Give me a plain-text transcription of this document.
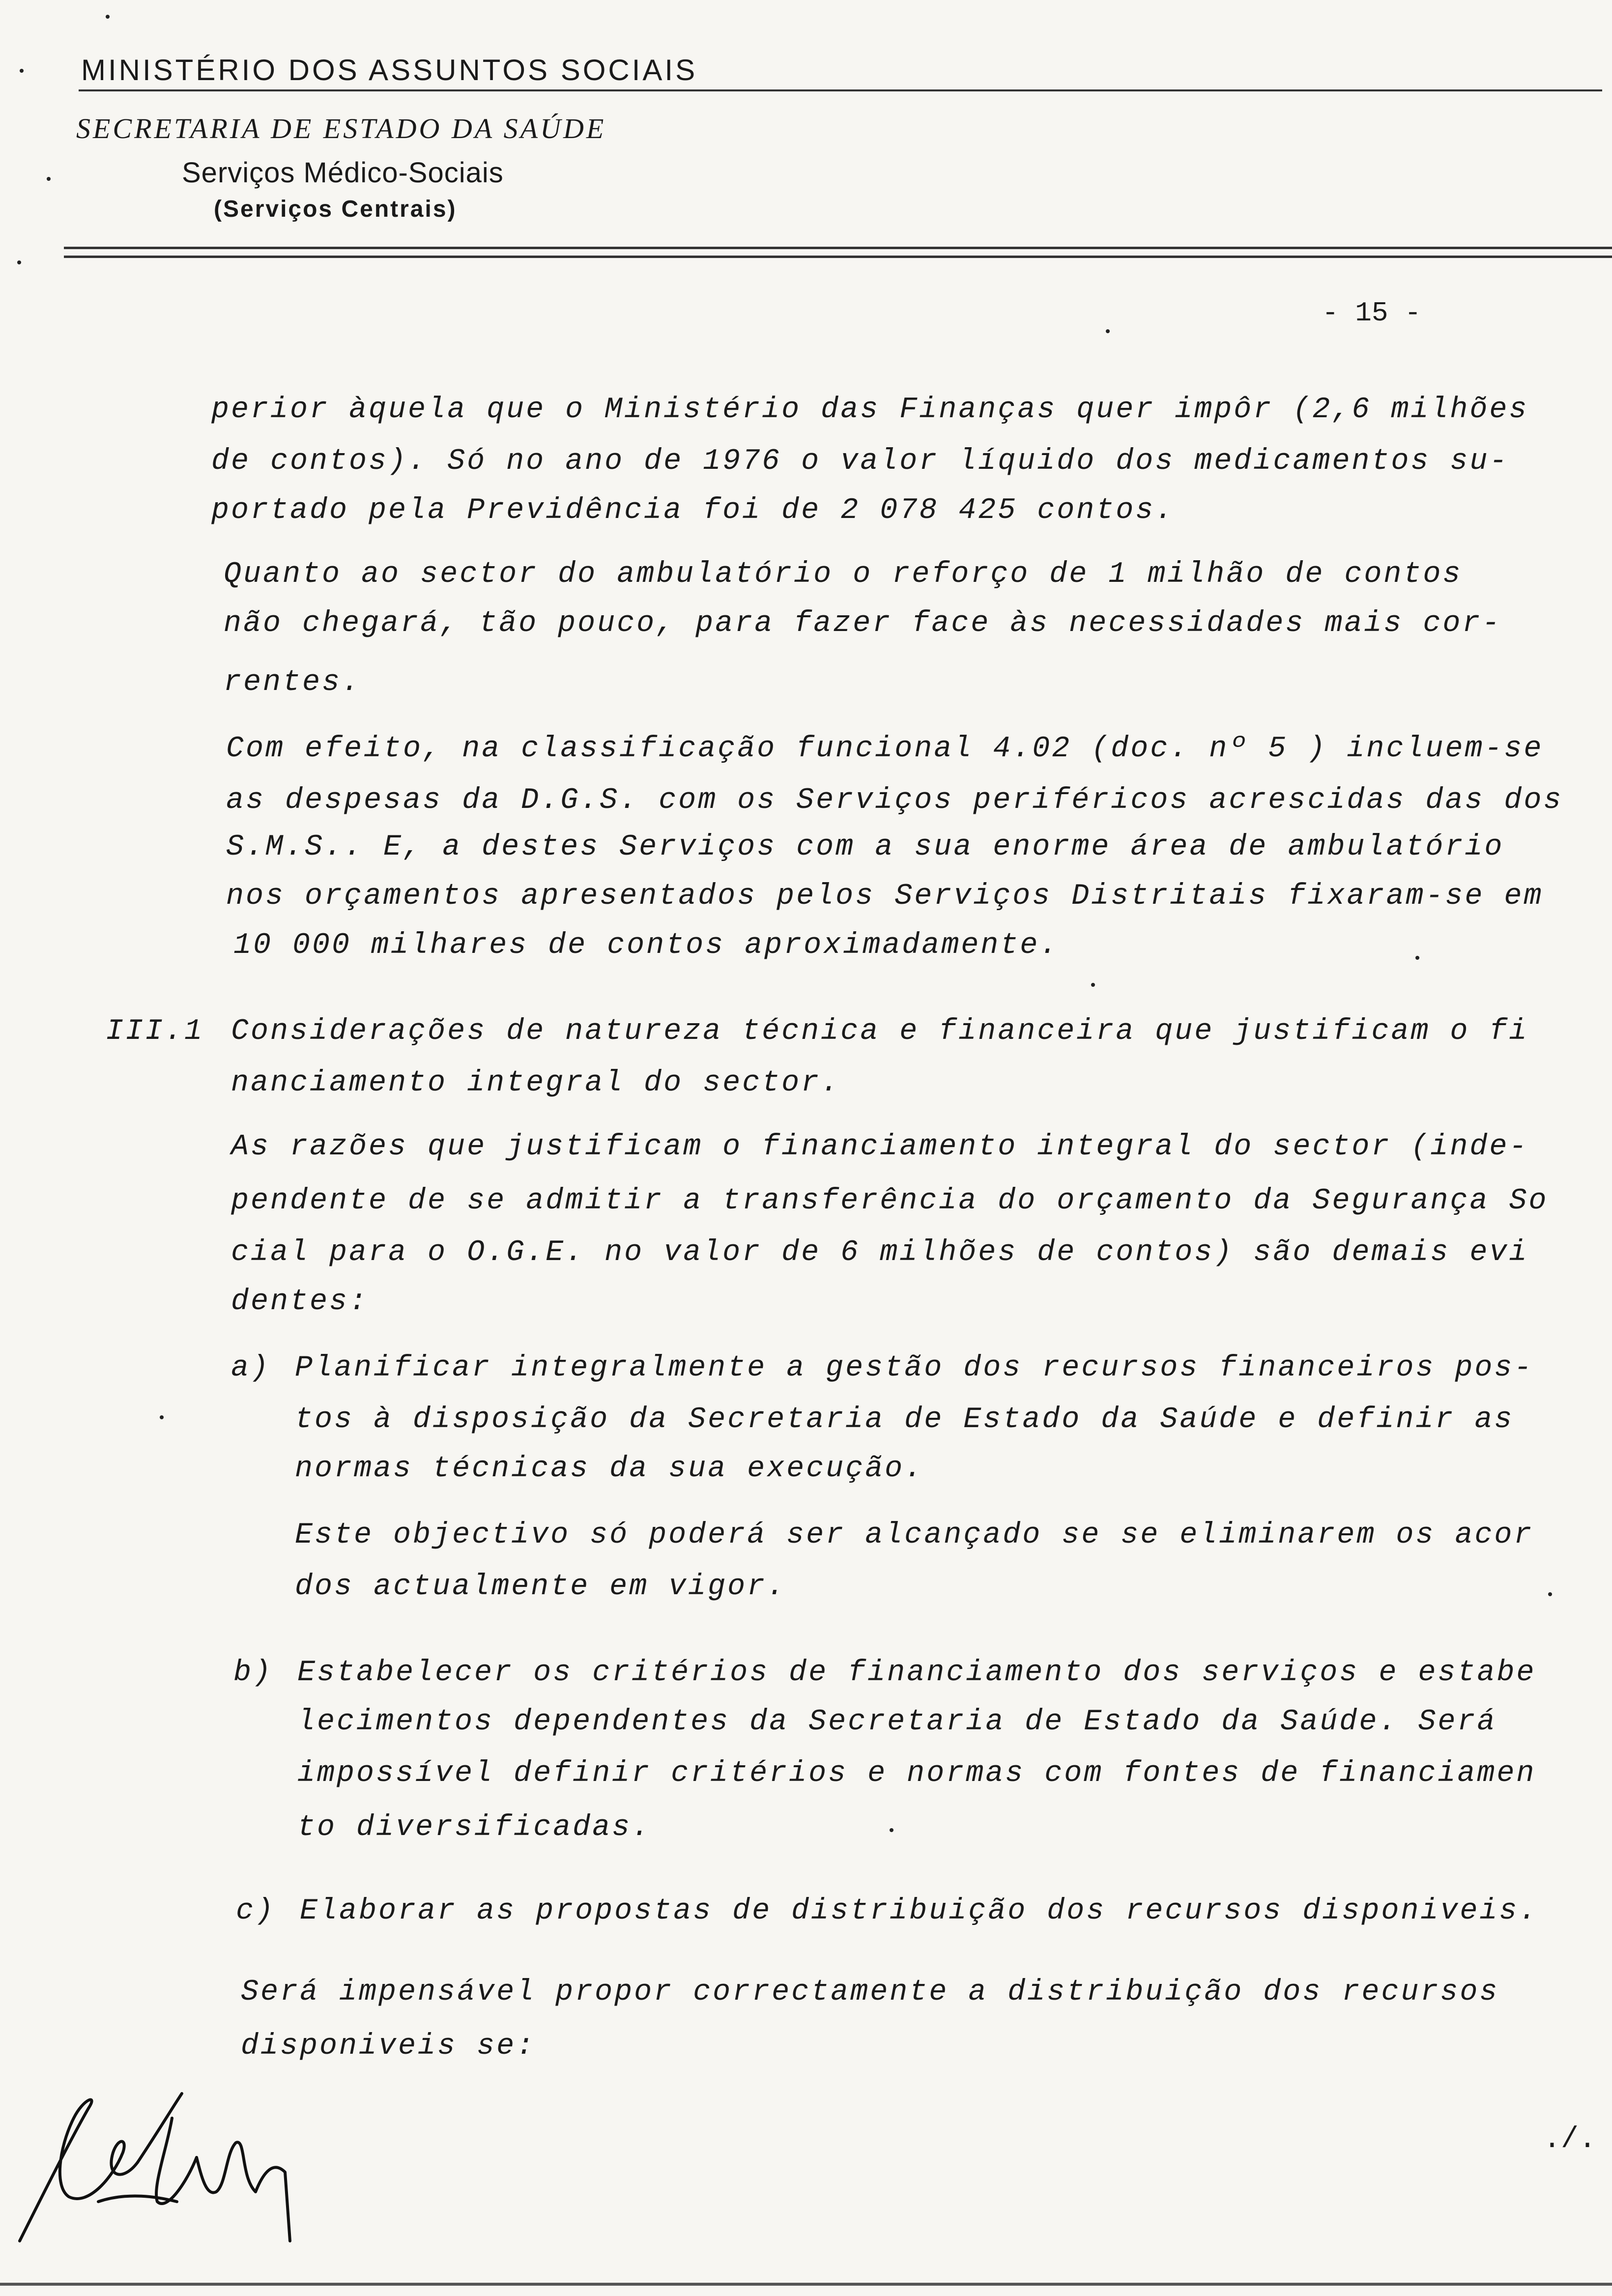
MINISTÉRIO DOS ASSUNTOS SOCIAIS
SECRETARIA DE ESTADO DA SAÚDE
Serviços Médico-Sociais
(Serviços Centrais)
- 15 -
perior àquela que o Ministério das Finanças quer impôr (2,6 milhões
de contos). Só no ano de 1976 o valor líquido dos medicamentos su-
portado pela Previdência foi de 2 078 425 contos.
Quanto ao sector do ambulatório o reforço de 1 milhão de contos
não chegará, tão pouco, para fazer face às necessidades mais cor-
rentes.
Com efeito, na classificação funcional 4.02 (doc. nº 5 ) incluem-se
as despesas da D.G.S. com os Serviços periféricos acrescidas das dos
S.M.S.. E, a destes Serviços com a sua enorme área de ambulatório
nos orçamentos apresentados pelos Serviços Distritais fixaram-se em
10 000 milhares de contos aproximadamente.
III.1 Considerações de natureza técnica e financeira que justificam o fi
nanciamento integral do sector.
As razões que justificam o financiamento integral do sector (inde-
pendente de se admitir a transferência do orçamento da Segurança So
cial para o O.G.E. no valor de 6 milhões de contos) são demais evi
dentes:
a) Planificar integralmente a gestão dos recursos financeiros pos-
tos à disposição da Secretaria de Estado da Saúde e definir as
normas técnicas da sua execução.
Este objectivo só poderá ser alcançado se se eliminarem os acor
dos actualmente em vigor.
b) Estabelecer os critérios de financiamento dos serviços e estabe
lecimentos dependentes da Secretaria de Estado da Saúde. Será
impossível definir critérios e normas com fontes de financiamen
to diversificadas.
c) Elaborar as propostas de distribuição dos recursos disponiveis.
Será impensável propor correctamente a distribuição dos recursos
disponiveis se:
./.
